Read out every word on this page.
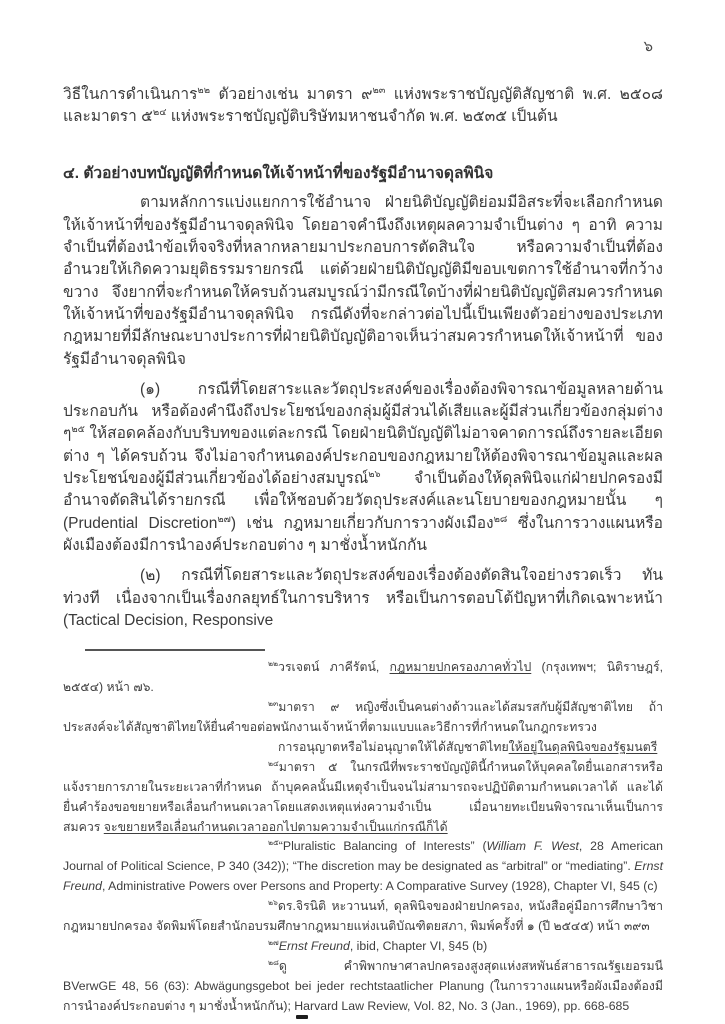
๖

วิธีในการดำเนินการ$^{๒๒}$ ตัวอย่างเช่น มาตรา ๙$^{๒๓}$ แห่งพระราชบัญญัติสัญชาติ พ.ศ. ๒๕๐๘ และมาตรา ๕$^{๒๔}$ แห่งพระราชบัญญัติบริษัทมหาชนจำกัด พ.ศ. ๒๕๓๕ เป็นต้น

๔. ตัวอย่างบทบัญญัติที่กำหนดให้เจ้าหน้าที่ของรัฐมีอำนาจดุลพินิจ

ตามหลักการแบ่งแยกการใช้อำนาจ ฝ่ายนิติบัญญัติย่อมมีอิสระที่จะเลือกกำหนดให้เจ้าหน้าที่ของรัฐมีอำนาจดุลพินิจ โดยอาจคำนึงถึงเหตุผลความจำเป็นต่าง ๆ อาทิ ความจำเป็นที่ต้องนำข้อเท็จจริงที่หลากหลายมาประกอบการตัดสินใจ หรือความจำเป็นที่ต้องอำนวยให้เกิดความยุติธรรมรายกรณี แต่ด้วยฝ่ายนิติบัญญัติมีขอบเขตการใช้อำนาจที่กว้างขวาง จึงยากที่จะกำหนดให้ครบถ้วนสมบูรณ์ว่ามีกรณีใดบ้างที่ฝ่ายนิติบัญญัติสมควรกำหนดให้เจ้าหน้าที่ของรัฐมีอำนาจดุลพินิจ กรณีดังที่จะกล่าวต่อไปนี้เป็นเพียงตัวอย่างของประเภทกฎหมายที่มีลักษณะบางประการที่ฝ่ายนิติบัญญัติอาจเห็นว่าสมควรกำหนดให้เจ้าหน้าที่ ของรัฐมีอำนาจดุลพินิจ

(๑) กรณีที่โดยสาระและวัตถุประสงค์ของเรื่องต้องพิจารณาข้อมูลหลายด้านประกอบกัน หรือต้องคำนึงถึงประโยชน์ของกลุ่มผู้มีส่วนได้เสียและผู้มีส่วนเกี่ยวข้องกลุ่มต่าง ๆ$^{๒๕}$ ให้สอดคล้องกับบริบทของแต่ละกรณี โดยฝ่ายนิติบัญญัติไม่อาจคาดการณ์ถึงรายละเอียดต่าง ๆ ได้ครบถ้วน จึงไม่อาจกำหนดองค์ประกอบของกฎหมายให้ต้องพิจารณาข้อมูลและผลประโยชน์ของผู้มีส่วนเกี่ยวข้องได้อย่างสมบูรณ์$^{๒๖}$ จำเป็นต้องให้ดุลพินิจแก่ฝ่ายปกครองมีอำนาจตัดสินได้รายกรณี เพื่อให้ชอบด้วยวัตถุประสงค์และนโยบายของกฎหมายนั้น ๆ (Prudential Discretion$^{๒๗}$) เช่น กฎหมายเกี่ยวกับการวางผังเมือง$^{๒๘}$ ซึ่งในการวางแผนหรือผังเมืองต้องมีการนำองค์ประกอบต่าง ๆ มาชั่งน้ำหนักกัน

(๒) กรณีที่โดยสาระและวัตถุประสงค์ของเรื่องต้องตัดสินใจอย่างรวดเร็ว ทันท่วงที เนื่องจากเป็นเรื่องกลยุทธ์ในการบริหาร หรือเป็นการตอบโต้ปัญหาที่เกิดเฉพาะหน้า (Tactical Decision, Responsive

$^{๒๒}$วรเจตน์ ภาคีรัตน์, กฎหมายปกครองภาคทั่วไป (กรุงเทพฯ; นิติราษฎร์, ๒๕๕๔) หน้า ๗๖.

$^{๒๓}$มาตรา ๙ หญิงซึ่งเป็นคนต่างด้าวและได้สมรสกับผู้มีสัญชาติไทย ถ้าประสงค์จะได้สัญชาติไทยให้ยื่นคำขอต่อพนักงานเจ้าหน้าที่ตามแบบและวิธีการที่กำหนดในกฎกระทรวง

การอนุญาตหรือไม่อนุญาตให้ได้สัญชาติไทยให้อยู่ในดุลพินิจของรัฐมนตรี

$^{๒๔}$มาตรา ๕ ในกรณีที่พระราชบัญญัตินี้กำหนดให้บุคคลใดยื่นเอกสารหรือแจ้งรายการภายในระยะเวลาที่กำหนด ถ้าบุคคลนั้นมีเหตุจำเป็นจนไม่สามารถจะปฏิบัติตามกำหนดเวลาได้ และได้ยื่นคำร้องขอขยายหรือเลื่อนกำหนดเวลาโดยแสดงเหตุแห่งความจำเป็น เมื่อนายทะเบียนพิจารณาเห็นเป็นการสมควร จะขยายหรือเลื่อนกำหนดเวลาออกไปตามความจำเป็นแก่กรณีก็ได้

$^{๒๕}$“Pluralistic Balancing of Interests” (William F. West, 28 American Journal of Political Science, P 340 (342)); “The discretion may be designated as “arbitral” or “mediating”. Ernst Freund, Administrative Powers over Persons and Property: A Comparative Survey (1928), Chapter VI, §45 (c)

$^{๒๖}$ดร.จิรนิติ หะวานนท์, ดุลพินิจของฝ่ายปกครอง, หนังสือคู่มือการศึกษาวิชากฎหมายปกครอง จัดพิมพ์โดยสำนักอบรมศึกษากฎหมายแห่งเนติบัณฑิตยสภา, พิมพ์ครั้งที่ ๑ (ปี ๒๕๔๕) หน้า ๓๙๓

$^{๒๗}$Ernst Freund, ibid, Chapter VI, §45 (b)

$^{๒๘}$ดู คำพิพากษาศาลปกครองสูงสุดแห่งสหพันธ์สาธารณรัฐเยอรมนี BVerwGE 48, 56 (63): Abwägungsgebot bei jeder rechtstaatlicher Planung (ในการวางแผนหรือผังเมืองต้องมีการนำองค์ประกอบต่าง ๆ มาชั่งน้ำหนักกัน); Harvard Law Review, Vol. 82, No. 3 (Jan., 1969), pp. 668-685
